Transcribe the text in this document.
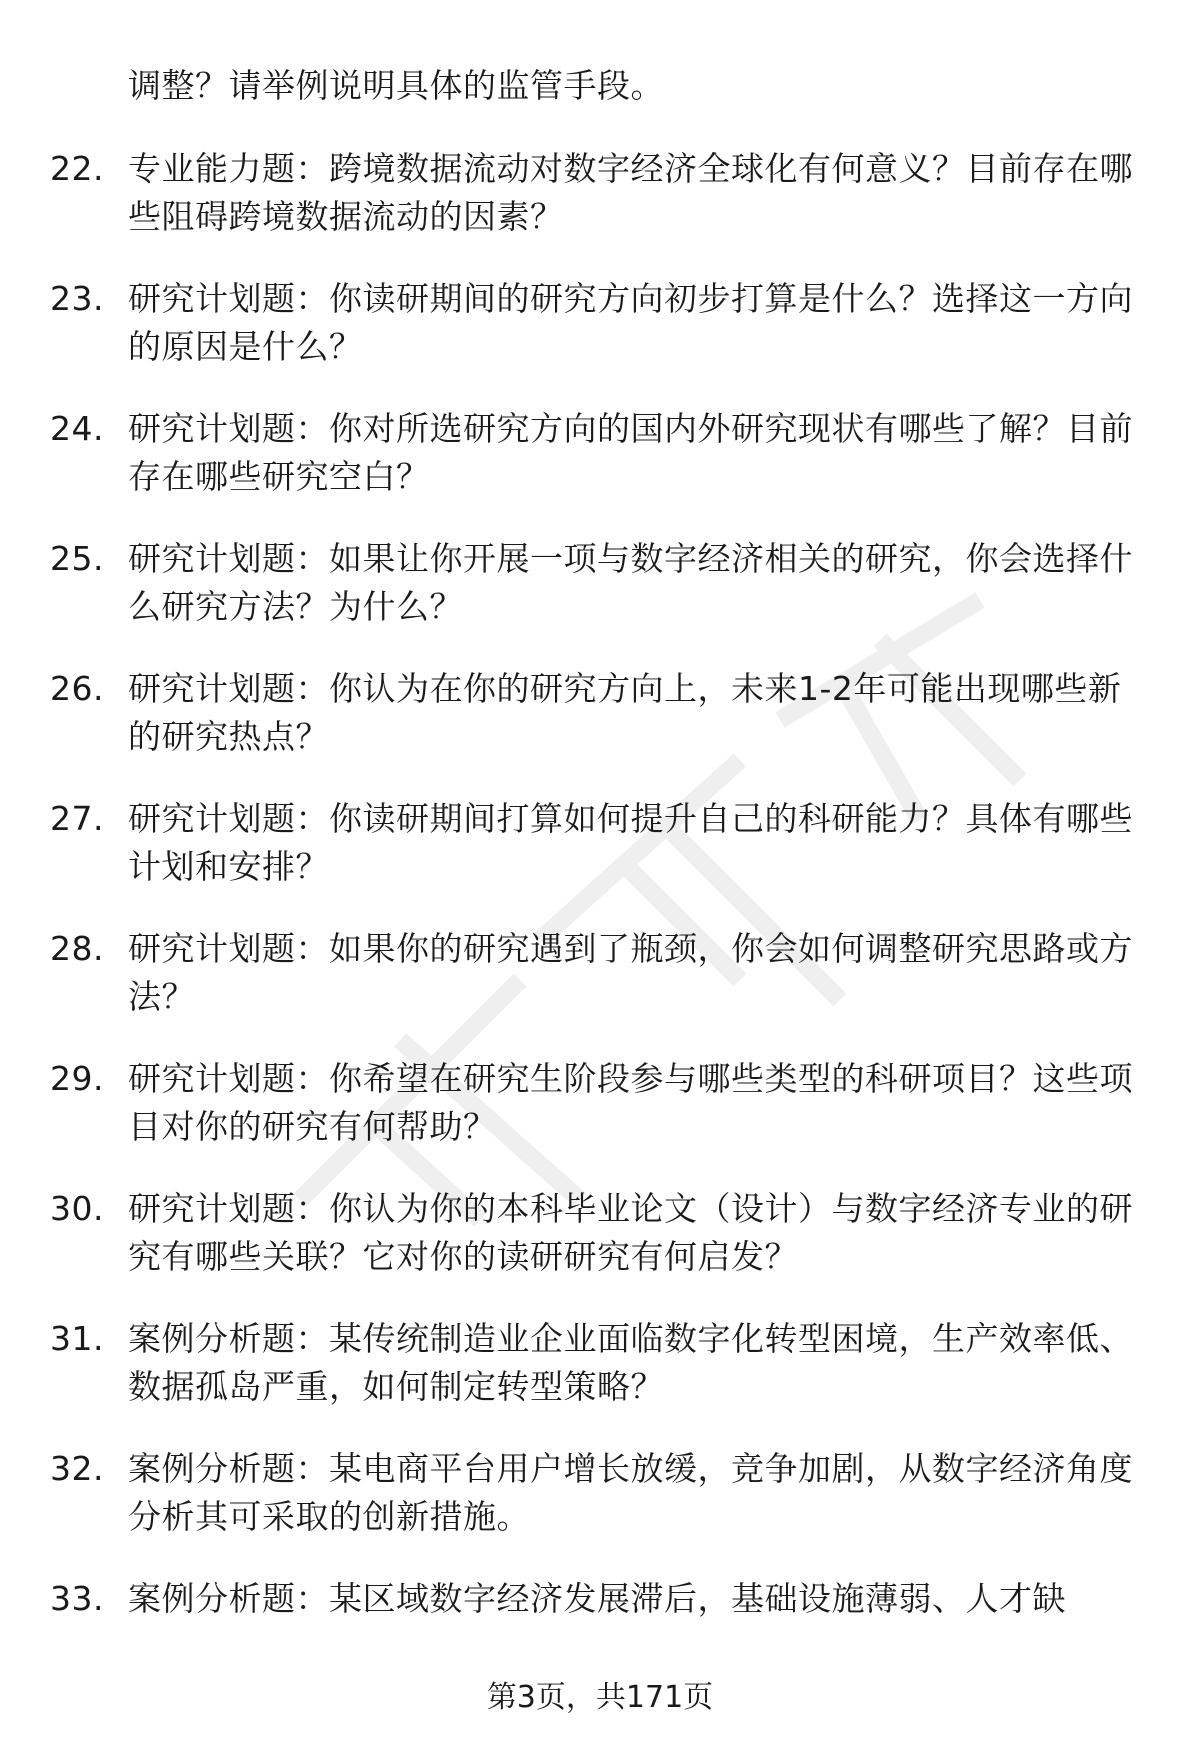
调整？请举例说明具体的监管手段。
22. 专业能力题：跨境数据流动对数字经济全球化有何意义？目前存在哪些阻碍跨境数据流动的因素？
23. 研究计划题：你读研期间的研究方向初步打算是什么？选择这一方向的原因是什么？
24. 研究计划题：你对所选研究方向的国内外研究现状有哪些了解？目前存在哪些研究空白？
25. 研究计划题：如果让你开展一项与数字经济相关的研究，你会选择什么研究方法？为什么？
26. 研究计划题：你认为在你的研究方向上，未来1-2年可能出现哪些新的研究热点？
27. 研究计划题：你读研期间打算如何提升自己的科研能力？具体有哪些计划和安排？
28. 研究计划题：如果你的研究遇到了瓶颈，你会如何调整研究思路或方法？
29. 研究计划题：你希望在研究生阶段参与哪些类型的科研项目？这些项目对你的研究有何帮助？
30. 研究计划题：你认为你的本科毕业论文（设计）与数字经济专业的研究有哪些关联？它对你的读研研究有何启发？
31. 案例分析题：某传统制造业企业面临数字化转型困境，生产效率低、数据孤岛严重，如何制定转型策略？
32. 案例分析题：某电商平台用户增长放缓，竞争加剧，从数字经济角度分析其可采取的创新措施。
33. 案例分析题：某区域数字经济发展滞后，基础设施薄弱、人才缺
第3页，共171页
